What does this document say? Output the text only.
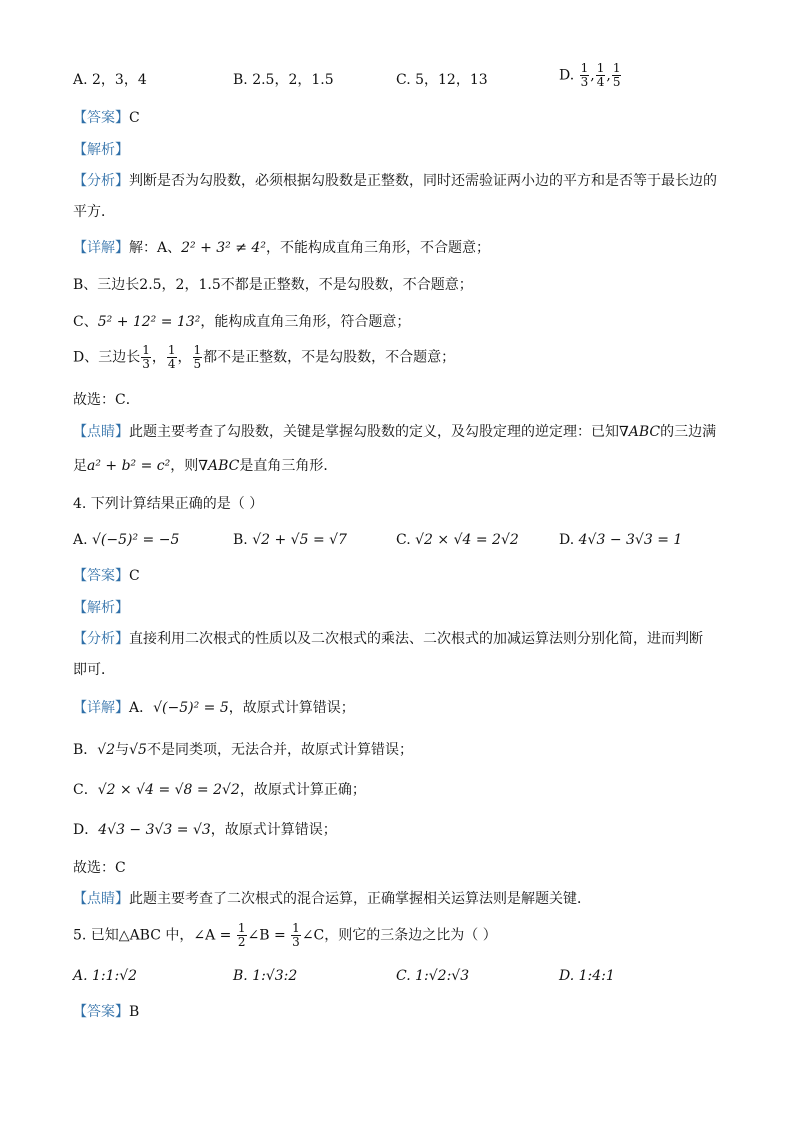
A. 2，3，4	B. 2.5，2，1.5	C. 5，12，13	D. $\frac{1}{3}$ , $\frac{1}{4}$ , $\frac{1}{5}$
【答案】C
【解析】
【分析】判断是否为勾股数，必须根据勾股数是正整数，同时还需验证两小边的平方和是否等于最长边的
平方．
【详解】解：A、2² + 3² ≠ 4²，不能构成直角三角形，不合题意；
B、三边长2.5，2，1.5不都是正整数，不是勾股数，不合题意；
C、5² + 12² = 13²，能构成直角三角形，符合题意；
D、三边长 $\frac{1}{3}$ ， $\frac{1}{4}$ ， $\frac{1}{5}$ 都不是正整数，不是勾股数，不合题意；
故选：C．
【点睛】此题主要考查了勾股数，关键是掌握勾股数的定义，及勾股定理的逆定理：已知∇ABC的三边满
足a² + b² = c²，则∇ABC是直角三角形．
4. 下列计算结果正确的是（ ）
A. √(−5)² = −5	B. √2 + √5 = √7	C. √2 × √4 = 2√2	D. 4√3 − 3√3 = 1
【答案】C
【解析】
【分析】直接利用二次根式的性质以及二次根式的乘法、二次根式的加减运算法则分别化简，进而判断
即可．
【详解】A．√(−5)² = 5，故原式计算错误；
B．√2与√5不是同类项，无法合并，故原式计算错误；
C．√2 × √4 = √8 = 2√2，故原式计算正确；
D．4√3 − 3√3 = √3，故原式计算错误；
故选：C
【点睛】此题主要考查了二次根式的混合运算，正确掌握相关运算法则是解题关键．
5. 已知△ABC 中，∠A = $\frac{1}{2}$ ∠B = $\frac{1}{3}$ ∠C，则它的三条边之比为（ ）
A. 1:1:√2	B. 1:√3:2	C. 1:√2:√3	D. 1:4:1
【答案】B
